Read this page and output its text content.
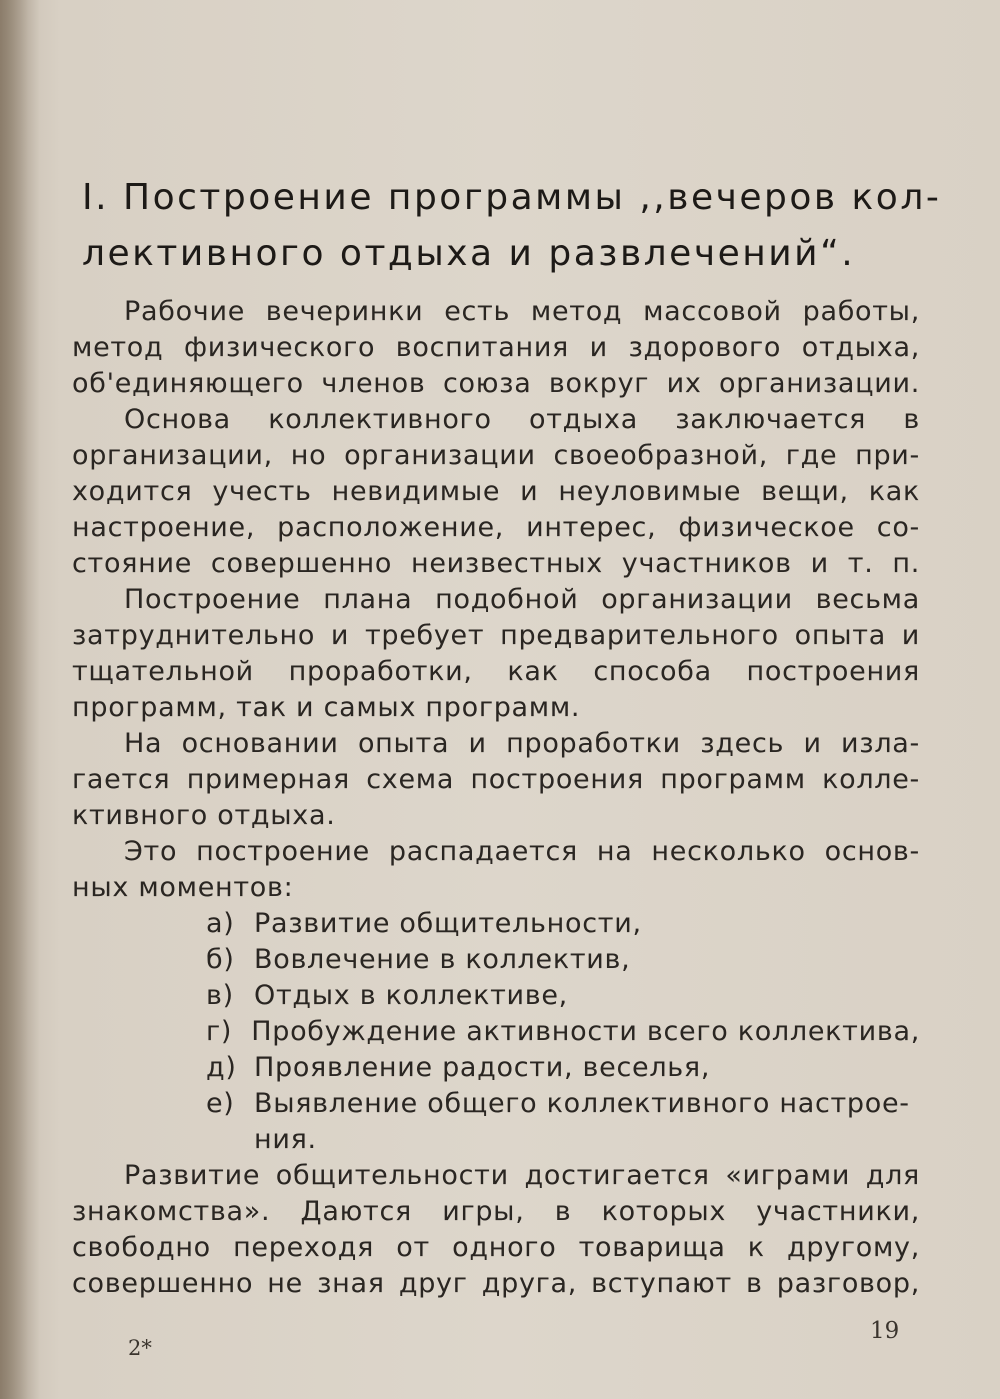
I. Построение программы ,,вечеров кол-
лективного отдыха и развлечений“.

Рабочие вечеринки есть метод массовой работы,
метод физического воспитания и здорового отдыха,
об'единяющего членов союза вокруг их организации.

Основа коллективного отдыха заключается в
организации, но организации своеобразной, где при-
ходится учесть невидимые и неуловимые вещи, как
настроение, расположение, интерес, физическое со-
стояние совершенно неизвестных участников и т. п.

Построение плана подобной организации весьма
затруднительно и требует предварительного опыта и
тщательной проработки, как способа построения
программ, так и самых программ.

На основании опыта и проработки здесь и изла-
гается примерная схема построения программ колле-
ктивного отдыха.

Это построение распадается на несколько основ-
ных моментов:

а) Развитие общительности,
б) Вовлечение в коллектив,
в) Отдых в коллективе,
г) Пробуждение активности всего коллектива,
д) Проявление радости, веселья,
е) Выявление общего коллективного настрое-
ния.

Развитие общительности достигается «играми для
знакомства». Даются игры, в которых участники,
свободно переходя от одного товарища к другому,
совершенно не зная друг друга, вступают в разговор,

2*
19
